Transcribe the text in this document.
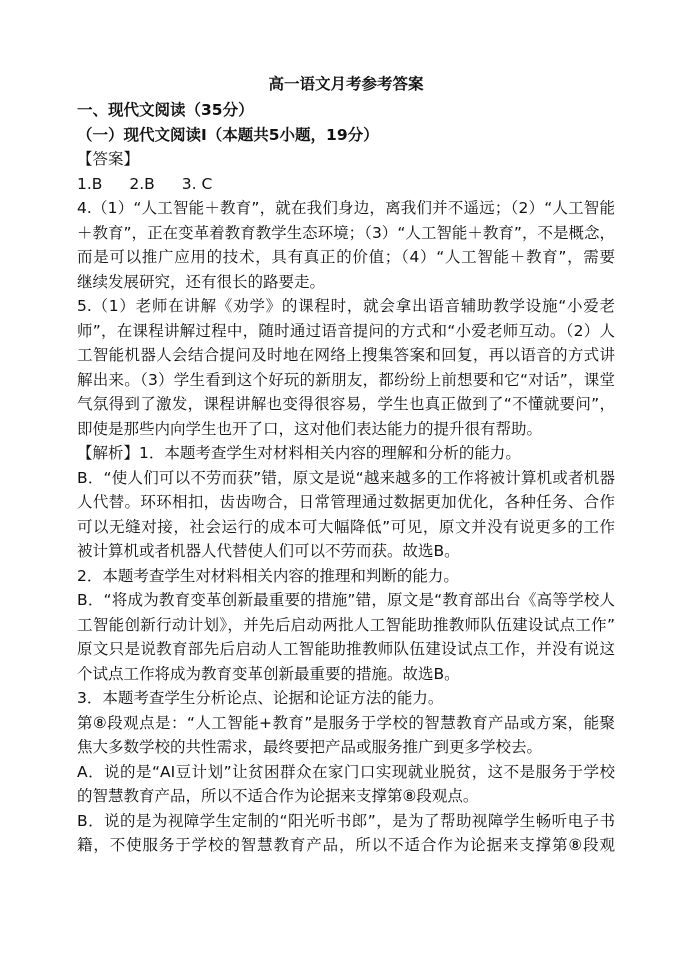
高一语文月考参考答案
一、现代文阅读（35分）
（一）现代文阅读Ⅰ（本题共5小题，19分）
【答案】
1.B 2.B 3. C
4.（1）“人工智能＋教育”，就在我们身边，离我们并不遥远；（2）“人工智能
＋教育”，正在变革着教育教学生态环境；（3）“人工智能＋教育”，不是概念，
而是可以推广应用的技术，具有真正的价值；（4）“人工智能＋教育”，需要
继续发展研究，还有很长的路要走。
5.（1）老师在讲解《劝学》的课程时，就会拿出语音辅助教学设施“小爱老
师”，在课程讲解过程中，随时通过语音提问的方式和“小爱老师互动。（2）人
工智能机器人会结合提问及时地在网络上搜集答案和回复，再以语音的方式讲
解出来。（3）学生看到这个好玩的新朋友，都纷纷上前想要和它“对话”，课堂
气氛得到了激发，课程讲解也变得很容易，学生也真正做到了“不懂就要问”，
即使是那些内向学生也开了口，这对他们表达能力的提升很有帮助。
【解析】1．本题考查学生对材料相关内容的理解和分析的能力。
B．“使人们可以不劳而获”错，原文是说“越来越多的工作将被计算机或者机器
人代替。环环相扣，齿齿吻合，日常管理通过数据更加优化，各种任务、合作
可以无缝对接，社会运行的成本可大幅降低”可见，原文并没有说更多的工作
被计算机或者机器人代替使人们可以不劳而获。故选B。
2．本题考查学生对材料相关内容的推理和判断的能力。
B．“将成为教育变革创新最重要的措施”错，原文是“教育部出台《高等学校人
工智能创新行动计划》，并先后启动两批人工智能助推教师队伍建设试点工作”
原文只是说教育部先后启动人工智能助推教师队伍建设试点工作，并没有说这
个试点工作将成为教育变革创新最重要的措施。故选B。
3．本题考查学生分析论点、论据和论证方法的能力。
第⑧段观点是：“人工智能+教育”是服务于学校的智慧教育产品或方案，能聚
焦大多数学校的共性需求，最终要把产品或服务推广到更多学校去。
A．说的是“AI豆计划”让贫困群众在家门口实现就业脱贫，这不是服务于学校
的智慧教育产品，所以不适合作为论据来支撑第⑧段观点。
B．说的是为视障学生定制的“阳光听书郎”，是为了帮助视障学生畅听电子书
籍，不使服务于学校的智慧教育产品，所以不适合作为论据来支撑第⑧段观
